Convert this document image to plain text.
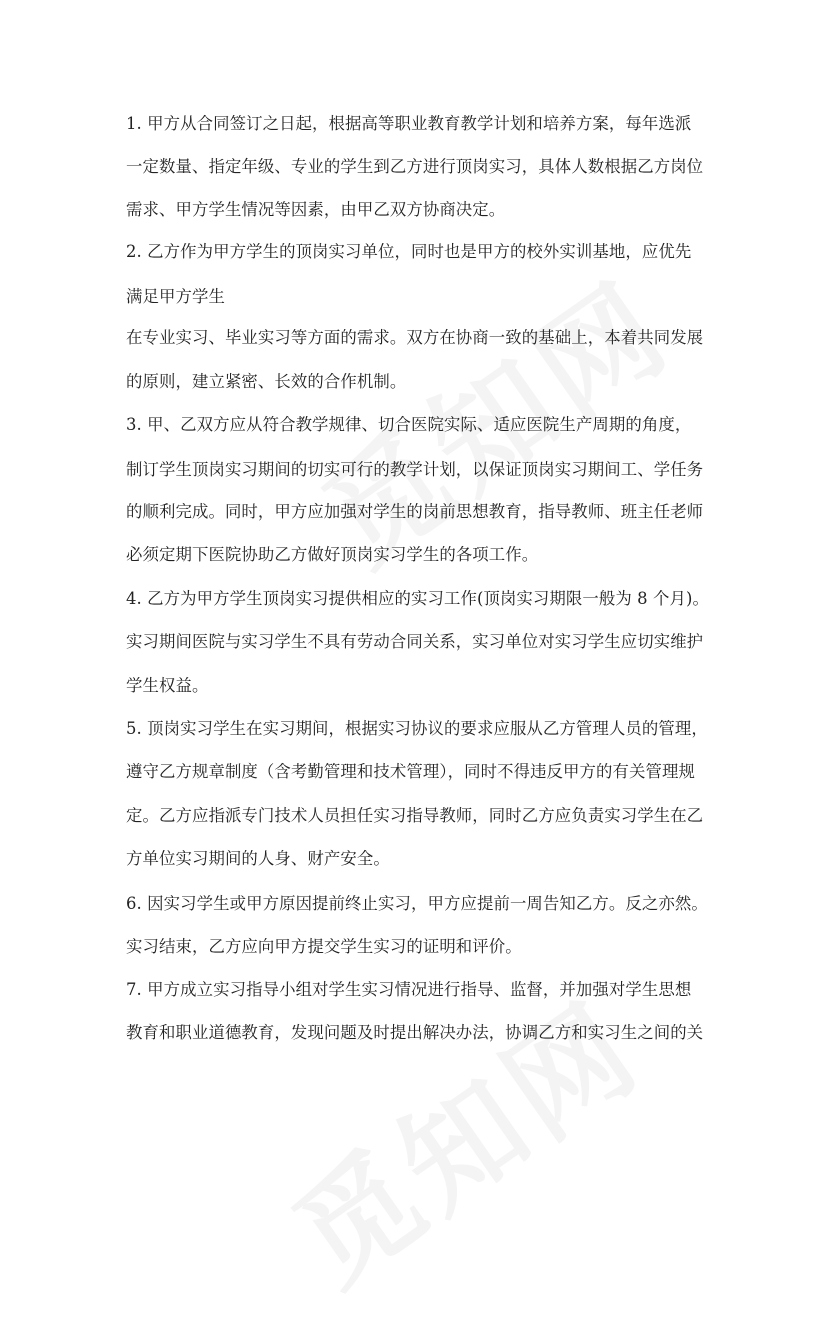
1. 甲方从合同签订之日起，根据高等职业教育教学计划和培养方案，每年选派
一定数量、指定年级、专业的学生到乙方进行顶岗实习，具体人数根据乙方岗位
需求、甲方学生情况等因素，由甲乙双方协商决定。
2. 乙方作为甲方学生的顶岗实习单位，同时也是甲方的校外实训基地，应优先
满足甲方学生
在专业实习、毕业实习等方面的需求。双方在协商一致的基础上，本着共同发展
的原则，建立紧密、长效的合作机制。
3. 甲、乙双方应从符合教学规律、切合医院实际、适应医院生产周期的角度，
制订学生顶岗实习期间的切实可行的教学计划，以保证顶岗实习期间工、学任务
的顺利完成。同时，甲方应加强对学生的岗前思想教育，指导教师、班主任老师
必须定期下医院协助乙方做好顶岗实习学生的各项工作。
4. 乙方为甲方学生顶岗实习提供相应的实习工作(顶岗实习期限一般为 8 个月)。
实习期间医院与实习学生不具有劳动合同关系，实习单位对实习学生应切实维护
学生权益。
5. 顶岗实习学生在实习期间，根据实习协议的要求应服从乙方管理人员的管理，
遵守乙方规章制度（含考勤管理和技术管理），同时不得违反甲方的有关管理规
定。乙方应指派专门技术人员担任实习指导教师，同时乙方应负责实习学生在乙
方单位实习期间的人身、财产安全。
6. 因实习学生或甲方原因提前终止实习，甲方应提前一周告知乙方。反之亦然。
实习结束，乙方应向甲方提交学生实习的证明和评价。
7. 甲方成立实习指导小组对学生实习情况进行指导、监督，并加强对学生思想
教育和职业道德教育，发现问题及时提出解决办法，协调乙方和实习生之间的关
